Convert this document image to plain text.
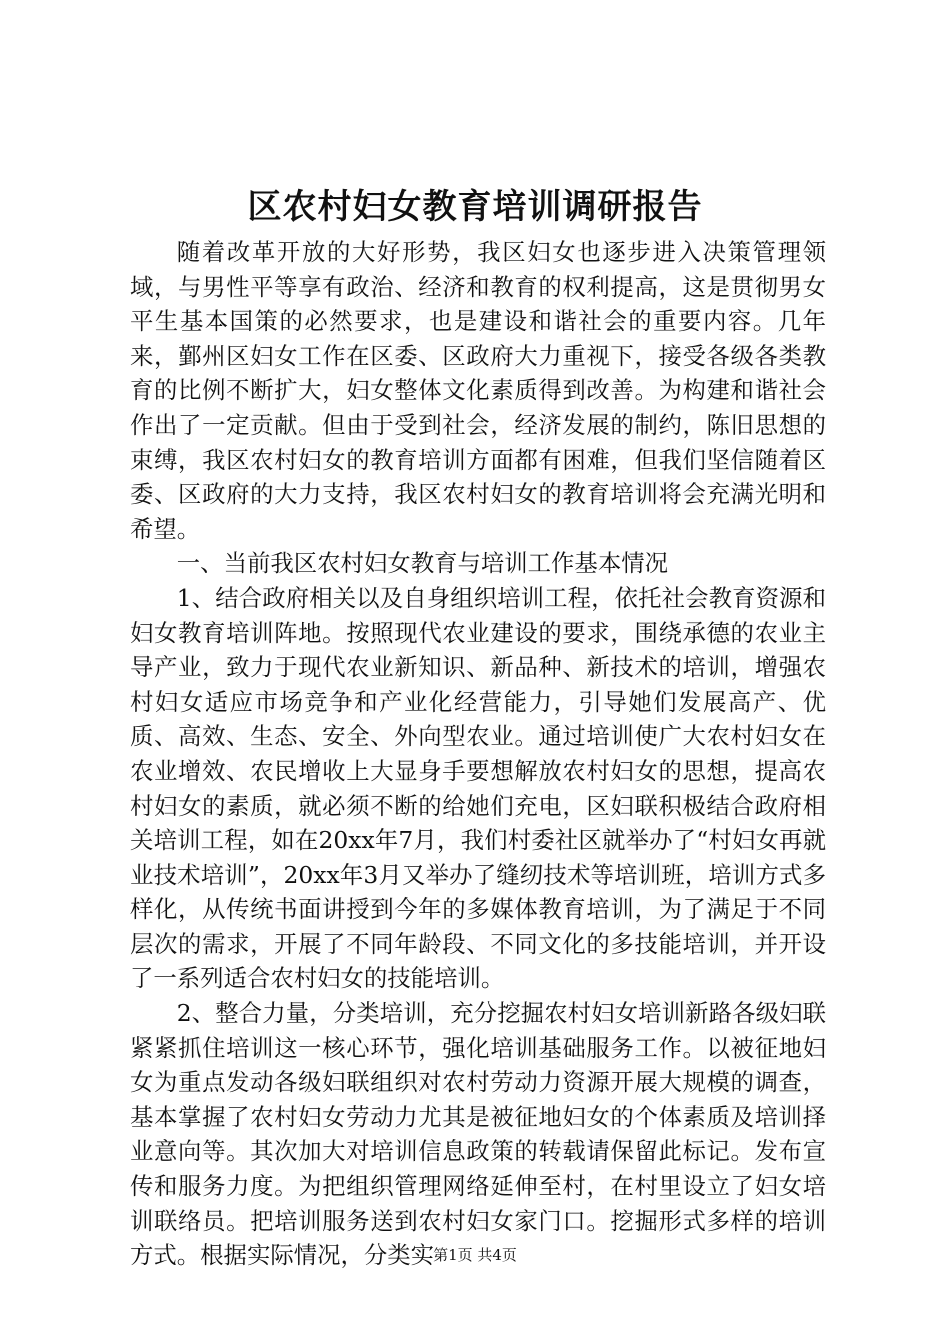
区农村妇女教育培训调研报告

随着改革开放的大好形势，我区妇女也逐步进入决策管理领域，与男性平等享有政治、经济和教育的权利提高，这是贯彻男女平生基本国策的必然要求，也是建设和谐社会的重要内容。几年来，鄞州区妇女工作在区委、区政府大力重视下，接受各级各类教育的比例不断扩大，妇女整体文化素质得到改善。为构建和谐社会作出了一定贡献。但由于受到社会，经济发展的制约，陈旧思想的束缚，我区农村妇女的教育培训方面都有困难，但我们坚信随着区委、区政府的大力支持，我区农村妇女的教育培训将会充满光明和希望。

一、当前我区农村妇女教育与培训工作基本情况

1、结合政府相关以及自身组织培训工程，依托社会教育资源和妇女教育培训阵地。按照现代农业建设的要求，围绕承德的农业主导产业，致力于现代农业新知识、新品种、新技术的培训，增强农村妇女适应市场竞争和产业化经营能力，引导她们发展高产、优质、高效、生态、安全、外向型农业。通过培训使广大农村妇女在农业增效、农民增收上大显身手要想解放农村妇女的思想，提高农村妇女的素质，就必须不断的给她们充电，区妇联积极结合政府相关培训工程，如在20xx年7月，我们村委社区就举办了“村妇女再就业技术培训”，20xx年3月又举办了缝纫技术等培训班，培训方式多样化，从传统书面讲授到今年的多媒体教育培训，为了满足于不同层次的需求，开展了不同年龄段、不同文化的多技能培训，并开设了一系列适合农村妇女的技能培训。

2、整合力量，分类培训，充分挖掘农村妇女培训新路各级妇联紧紧抓住培训这一核心环节，强化培训基础服务工作。以被征地妇女为重点发动各级妇联组织对农村劳动力资源开展大规模的调查，基本掌握了农村妇女劳动力尤其是被征地妇女的个体素质及培训择业意向等。其次加大对培训信息政策的转载请保留此标记。发布宣传和服务力度。为把组织管理网络延伸至村，在村里设立了妇女培训联络员。把培训服务送到农村妇女家门口。挖掘形式多样的培训方式。根据实际情况，分类实

第1页 共4页
